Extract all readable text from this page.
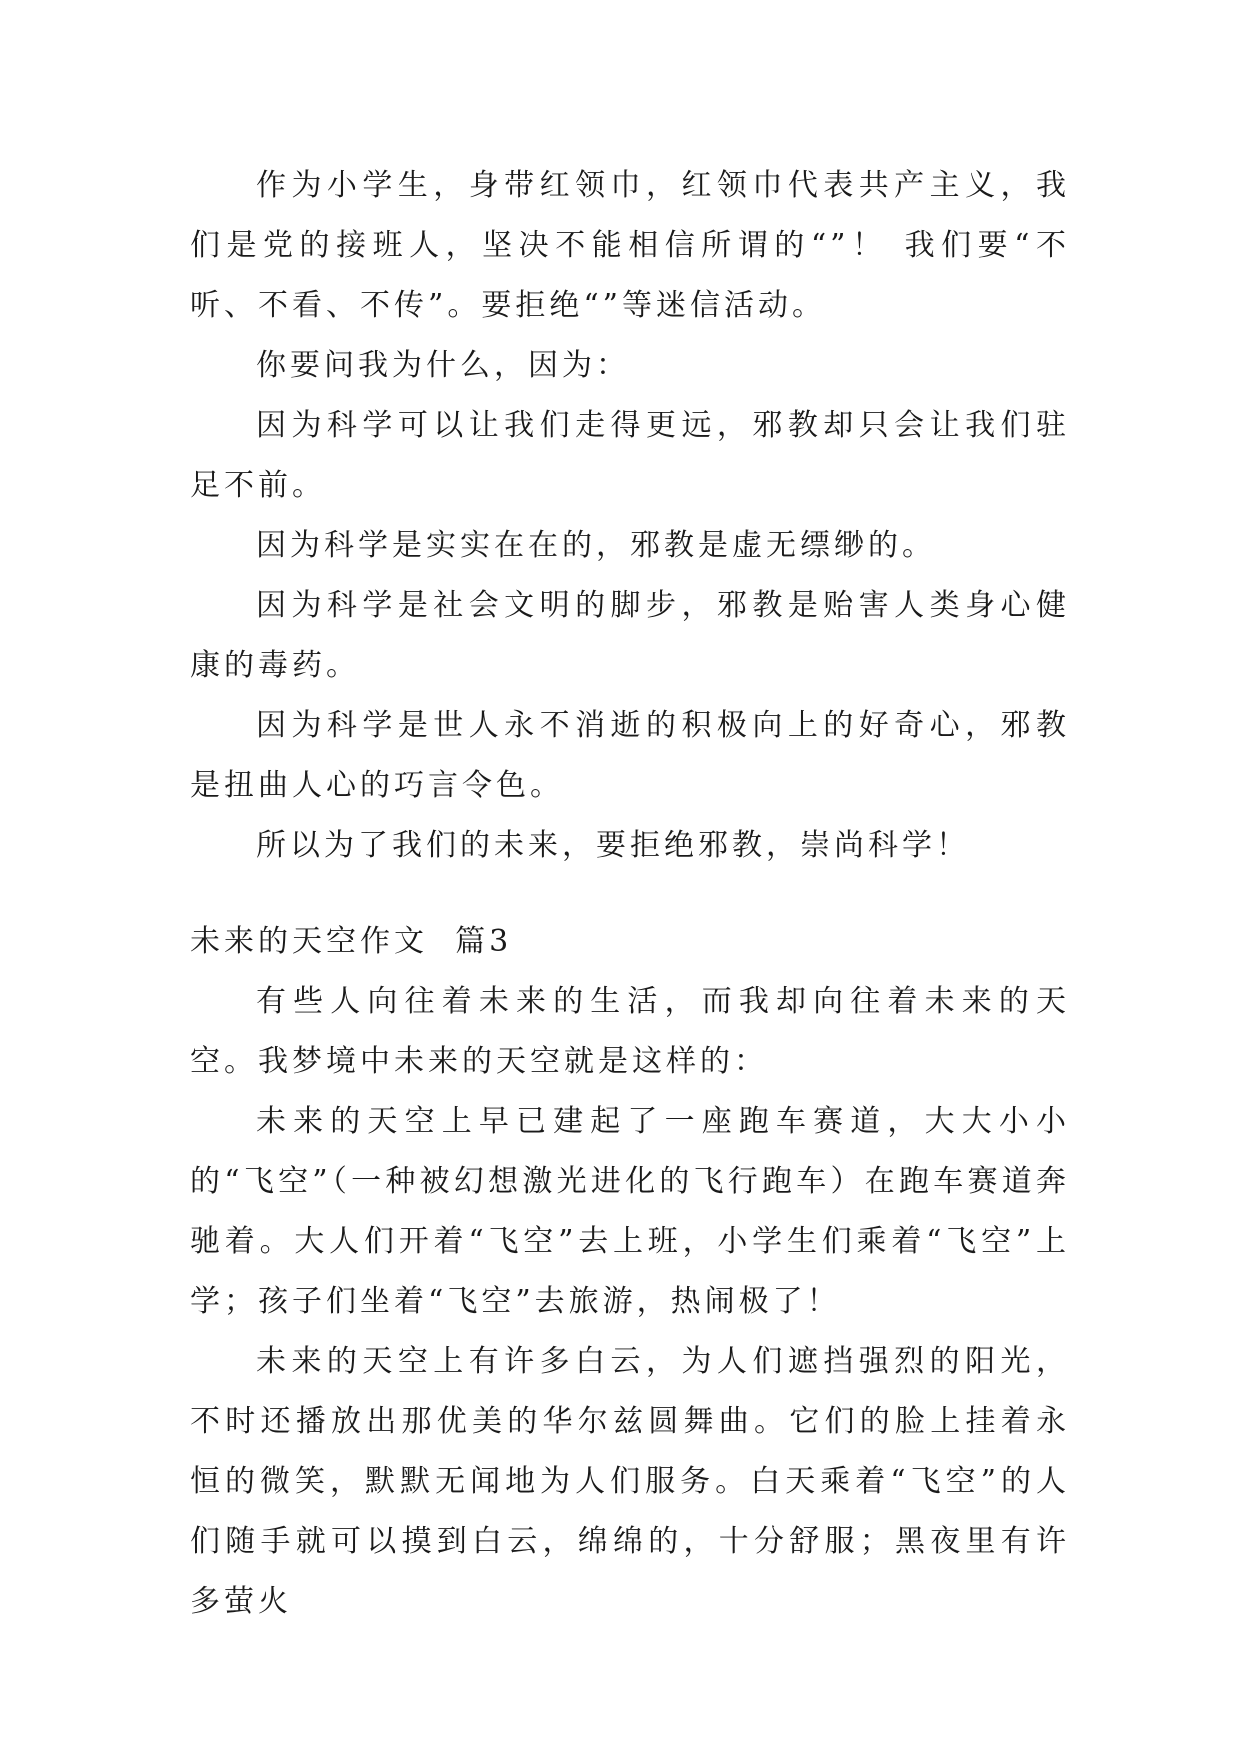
作为小学生，身带红领巾，红领巾代表共产主义，我们是党的接班人，坚决不能相信所谓的“”！ 我们要“不听、不看、不传”。要拒绝“”等迷信活动。

你要问我为什么，因为：

因为科学可以让我们走得更远，邪教却只会让我们驻足不前。

因为科学是实实在在的，邪教是虚无缥缈的。

因为科学是社会文明的脚步，邪教是贻害人类身心健康的毒药。

因为科学是世人永不消逝的积极向上的好奇心，邪教是扭曲人心的巧言令色。

所以为了我们的未来，要拒绝邪教，崇尚科学！

未来的天空作文  篇3

有些人向往着未来的生活，而我却向往着未来的天空。我梦境中未来的天空就是这样的：

未来的天空上早已建起了一座跑车赛道，大大小小的“飞空”（一种被幻想激光进化的飞行跑车）在跑车赛道奔驰着。大人们开着“飞空”去上班，小学生们乘着“飞空”上学；孩子们坐着“飞空”去旅游，热闹极了！

未来的天空上有许多白云，为人们遮挡强烈的阳光，不时还播放出那优美的华尔兹圆舞曲。它们的脸上挂着永恒的微笑，默默无闻地为人们服务。白天乘着“飞空”的人们随手就可以摸到白云，绵绵的，十分舒服；黑夜里有许多萤火
